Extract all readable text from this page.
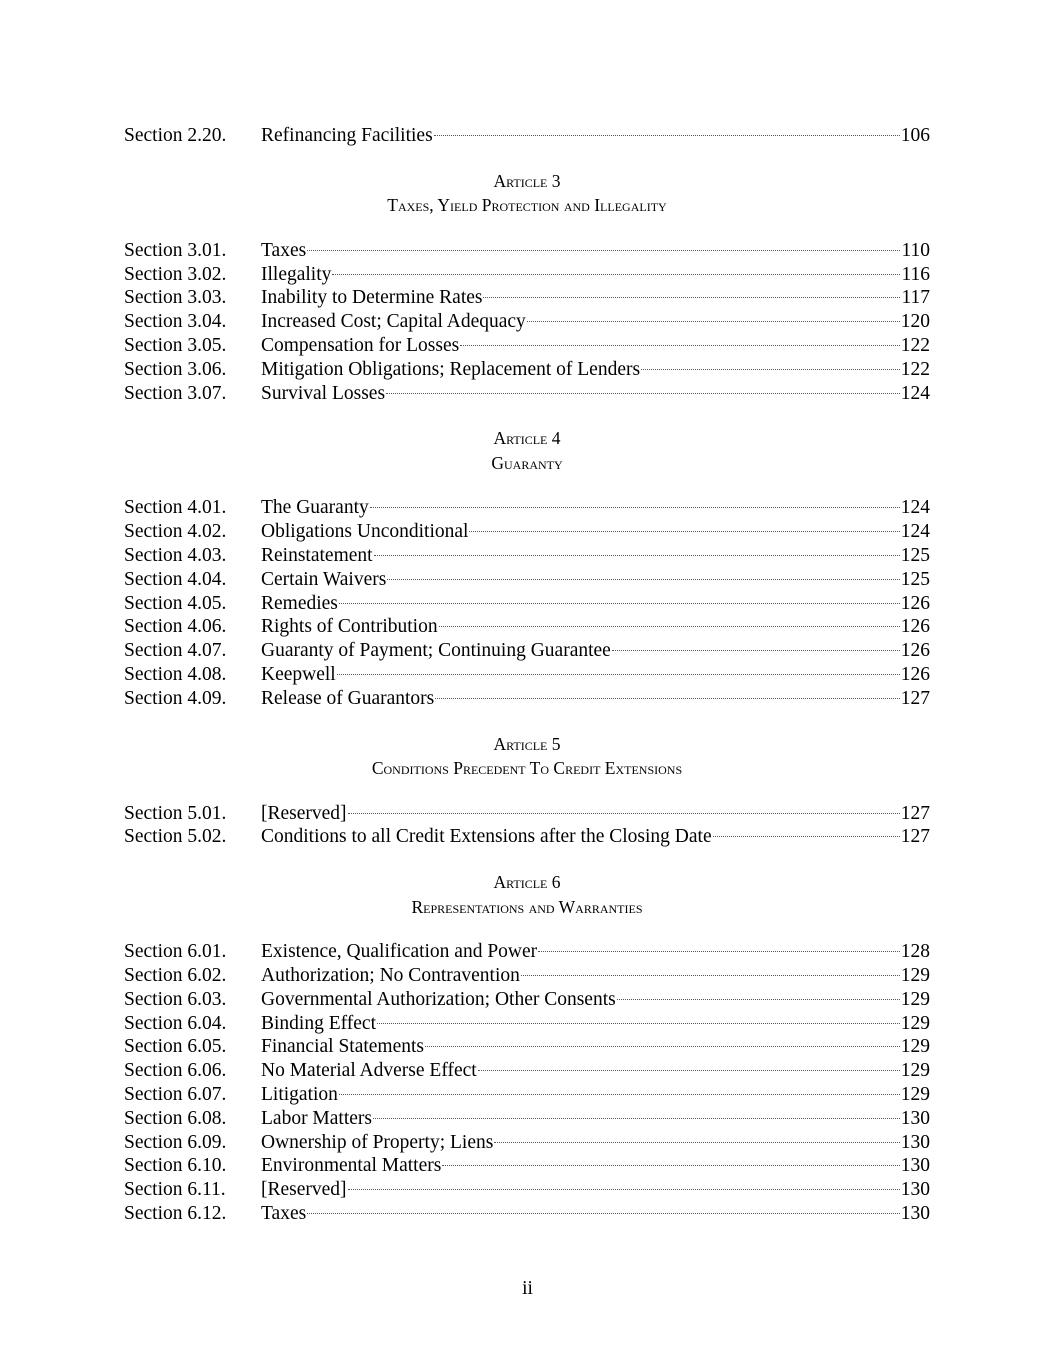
Section 2.20.	Refinancing Facilities	106
Article 3
Taxes, Yield Protection and Illegality
Section 3.01.	Taxes	110
Section 3.02.	Illegality	116
Section 3.03.	Inability to Determine Rates	117
Section 3.04.	Increased Cost; Capital Adequacy	120
Section 3.05.	Compensation for Losses	122
Section 3.06.	Mitigation Obligations; Replacement of Lenders	122
Section 3.07.	Survival Losses	124
Article 4
Guaranty
Section 4.01.	The Guaranty	124
Section 4.02.	Obligations Unconditional	124
Section 4.03.	Reinstatement	125
Section 4.04.	Certain Waivers	125
Section 4.05.	Remedies	126
Section 4.06.	Rights of Contribution	126
Section 4.07.	Guaranty of Payment; Continuing Guarantee	126
Section 4.08.	Keepwell	126
Section 4.09.	Release of Guarantors	127
Article 5
Conditions Precedent To Credit Extensions
Section 5.01.	[Reserved]	127
Section 5.02.	Conditions to all Credit Extensions after the Closing Date	127
Article 6
Representations and Warranties
Section 6.01.	Existence, Qualification and Power	128
Section 6.02.	Authorization; No Contravention	129
Section 6.03.	Governmental Authorization; Other Consents	129
Section 6.04.	Binding Effect	129
Section 6.05.	Financial Statements	129
Section 6.06.	No Material Adverse Effect	129
Section 6.07.	Litigation	129
Section 6.08.	Labor Matters	130
Section 6.09.	Ownership of Property; Liens	130
Section 6.10.	Environmental Matters	130
Section 6.11.	[Reserved]	130
Section 6.12.	Taxes	130
ii
